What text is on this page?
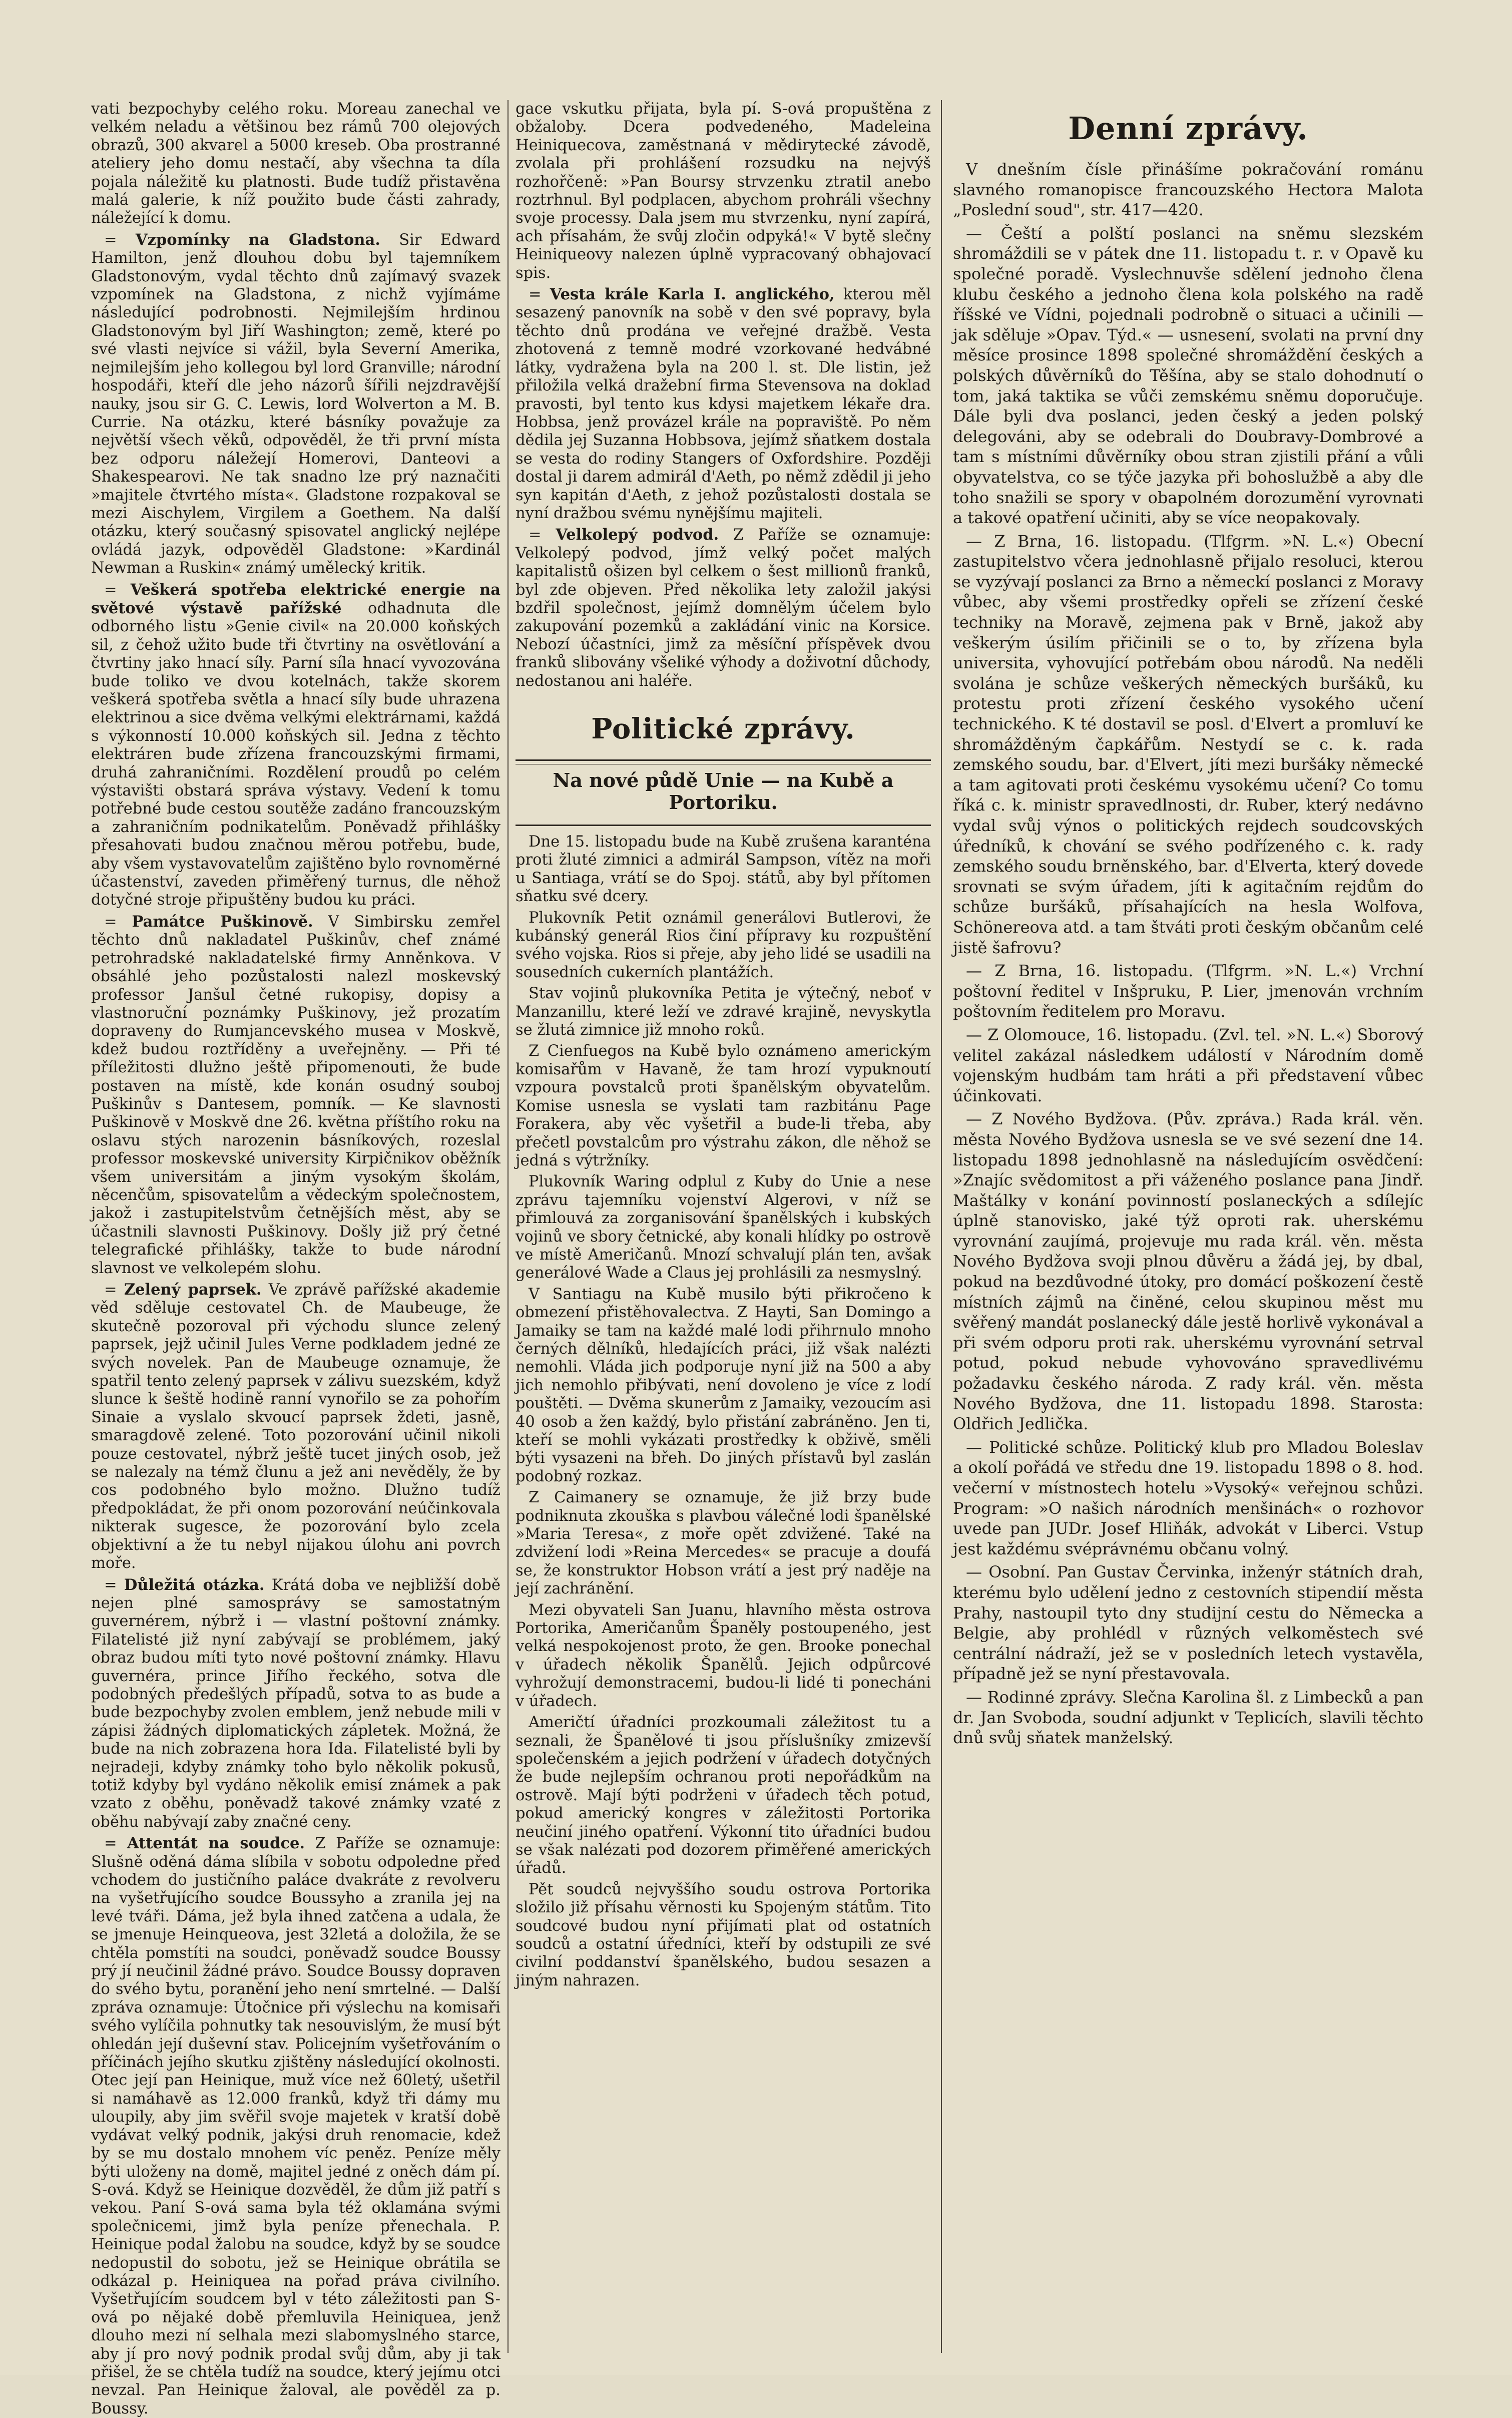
vati bezpochyby celého roku. Moreau zanechal ve velkém neladu a většinou bez rámů 700 olejových obrazů, 300 akvarel a 5000 kreseb. Oba prostranné ateliery jeho domu nestačí, aby všechna ta díla pojala náležitě ku platnosti. Bude tudíž přistavěna malá galerie, k níž použito bude části zahrady, náležející k domu.

= Vzpomínky na Gladstona. Sir Edward Hamilton, jenž dlouhou dobu byl tajemníkem Gladstonovým, vydal těchto dnů zajímavý svazek vzpomínek na Gladstona, z nichž vyjímáme následující podrobnosti. Nejmilejším hrdinou Gladstonovým byl Jiří Washington; země, které po své vlasti nejvíce si vážil, byla Severní Amerika, nejmilejším jeho kollegou byl lord Granville; národní hospodáři, kteří dle jeho názorů šířili nejzdravější nauky, jsou sir G. C. Lewis, lord Wolverton a M. B. Currie. Na otázku, které básníky považuje za největší všech věků, odpověděl, že tři první místa bez odporu náležejí Homerovi, Danteovi a Shakespearovi. Ne tak snadno lze prý naznačiti »majitele čtvrtého místa«. Gladstone rozpakoval se mezi Aischylem, Virgilem a Goethem. Na další otázku, který současný spisovatel anglický nejlépe ovládá jazyk, odpověděl Gladstone: »Kardinál Newman a Ruskin« známý umělecký kritik.

= Veškerá spotřeba elektrické energie na světové výstavě pařížské odhadnuta dle odborného listu »Genie civil« na 20.000 koňských sil, z čehož užito bude tři čtvrtiny na osvětlování a čtvrtiny jako hnací síly. Parní síla hnací vyvozována bude toliko ve dvou kotelnách, takže skorem veškerá spotřeba světla a hnací síly bude uhrazena elektrinou a sice dvěma velkými elektrárnami, každá s výkonností 10.000 koňských sil. Jedna z těchto elektráren bude zřízena francouzskými firmami, druhá zahraničními. Rozdělení proudů po celém výstavišti obstará správa výstavy. Vedení k tomu potřebné bude cestou soutěže zadáno francouzským a zahraničním podnikatelům. Poněvadž přihlášky přesahovati budou značnou měrou potřebu, bude, aby všem vystavovatelům zajištěno bylo rovnoměrné účastenství, zaveden přiměřený turnus, dle něhož dotyčné stroje připuštěny budou ku práci.

= Památce Puškinově. V Simbirsku zemřel těchto dnů nakladatel Puškinův, chef známé petrohradské nakladatelské firmy Anněnkova. V obsáhlé jeho pozůstalosti nalezl moskevský professor Janšul četné rukopisy, dopisy a vlastnoruční poznámky Puškinovy, jež prozatím dopraveny do Rumjancevského musea v Moskvě, kdež budou roztříděny a uveřejněny. — Při té příležitosti dlužno ještě připomenouti, že bude postaven na místě, kde konán osudný souboj Puškinův s Dantesem, pomník. — Ke slavnosti Puškinově v Moskvě dne 26. května příštího roku na oslavu stých narozenin básníkových, rozeslal professor moskevské university Kirpičnikov oběžník všem universitám a jiným vysokým školám, něcenčům, spisovatelům a vědeckým společnostem, jakož i zastupitelstvům četnějších měst, aby se účastnili slavnosti Puškinovy. Došly již prý četné telegrafické přihlášky, takže to bude národní slavnost ve velkolepém slohu.

= Zelený paprsek. Ve zprávě pařížské akademie věd sděluje cestovatel Ch. de Maubeuge, že skutečně pozoroval při východu slunce zelený paprsek, jejž učinil Jules Verne podkladem jedné ze svých novelek. Pan de Maubeuge oznamuje, že spatřil tento zelený paprsek v zálivu suezském, když slunce k šeště hodině ranní vynořilo se za pohořím Sinaie a vyslalo skvoucí paprsek ždeti, jasně, smaragdově zelené. Toto pozorování učinil nikoli pouze cestovatel, nýbrž ještě tucet jiných osob, jež se nalezaly na témž člunu a jež ani nevěděly, že by cos podobného bylo možno. Dlužno tudíž předpokládat, že při onom pozorování neúčinkovala nikterak sugesce, že pozorování bylo zcela objektivní a že tu nebyl nijakou úlohu ani povrch moře.

= Důležitá otázka. Krátá doba ve nejbližší době nejen plné samosprávy se samostatným guvernérem, nýbrž i — vlastní poštovní známky. Filatelisté již nyní zabývají se problémem, jaký obraz budou míti tyto nové poštovní známky. Hlavu guvernéra, prince Jiřího řeckého, sotva dle podobných předešlých případů, sotva to as bude a bude bezpochyby zvolen emblem, jenž nebude mili v zápisi žádných diplomatických zápletek. Možná, že bude na nich zobrazena hora Ida. Filatelisté byli by nejradeji, kdyby známky toho bylo několik pokusů, totiž kdyby byl vydáno několik emisí známek a pak vzato z oběhu, poněvadž takové známky vzaté z oběhu nabývají zaby značné ceny.

= Attentát na soudce. Z Paříže se oznamuje: Slušně oděná dáma slíbila v sobotu odpoledne před vchodem do justičního paláce dvakráte z revolveru na vyšetřujícího soudce Boussyho a zranila jej na levé tváři. Dáma, jež byla ihned zatčena a udala, že se jmenuje Heinqueova, jest 32letá a doložila, že se chtěla pomstíti na soudci, poněvadž soudce Boussy prý jí neučinil žádné právo. Soudce Boussy dopraven do svého bytu, poranění jeho není smrtelné. — Další zpráva oznamuje: Útočnice při výslechu na komisaři svého vylíčila pohnutky tak nesouvislým, že musí být ohledán její duševní stav. Policejním vyšetřováním o příčinách jejího skutku zjištěny následující okolnosti. Otec její pan Heinique, muž více než 60letý, ušetřil si namáhavě as 12.000 franků, když tři dámy mu uloupily, aby jim svěřil svoje majetek v kratší době vydávat velký podnik, jakýsi druh renomacie, kdež by se mu dostalo mnohem víc peněz. Peníze měly býti uloženy na domě, majitel jedné z oněch dám pí. S-ová. Když se Heinique dozvěděl, že dům již patří s vekou. Paní S-ová sama byla též oklamána svými společnicemi, jimž byla peníze přenechala. P. Heinique podal žalobu na soudce, když by se soudce nedopustil do sobotu, jež se Heinique obrátila se odkázal p. Heiniquea na pořad práva civilního. Vyšetřujícím soudcem byl v této záležitosti pan S-ová po nějaké době přemluvila Heiniquea, jenž dlouho mezi ní selhala mezi slabomyslného starce, aby jí pro nový podnik prodal svůj dům, aby ji tak přišel, že se chtěla tudíž na soudce, který jejímu otci nevzal. Pan Heinique žaloval, ale pověděl za p. Boussy.

gace vskutku přijata, byla pí. S-ová propuštěna z obžaloby. Dcera podvedeného, Madeleina Heiniquecova, zaměstnaná v mědirytecké závodě, zvolala při prohlášení rozsudku na nejvýš rozhořčeně: »Pan Boursy strvzenku ztratil anebo roztrhnul. Byl podplacen, abychom prohráli všechny svoje processy. Dala jsem mu stvrzenku, nyní zapírá, ach přísahám, že svůj zločin odpyká!« V bytě slečny Heiniqueovy nalezen úplně vypracovaný obhajovací spis.

= Vesta krále Karla I. anglického, kterou měl sesazený panovník na sobě v den své popravy, byla těchto dnů prodána ve veřejné dražbě. Vesta zhotovená z temně modré vzorkované hedvábné látky, vydražena byla na 200 l. st. Dle listin, jež přiložila velká dražební firma Stevensova na doklad pravosti, byl tento kus kdysi majetkem lékaře dra. Hobbsa, jenž provázel krále na popraviště. Po něm dědila jej Suzanna Hobbsova, jejímž sňatkem dostala se vesta do rodiny Stangers of Oxfordshire. Později dostal ji darem admirál d'Aeth, po němž zdědil ji jeho syn kapitán d'Aeth, z jehož pozůstalosti dostala se nyní dražbou svému nynějšímu majiteli.

= Velkolepý podvod. Z Paříže se oznamuje: Velkolepý podvod, jímž velký počet malých kapitalistů ošizen byl celkem o šest millionů franků, byl zde objeven. Před několika lety založil jakýsi bzdřil společnost, jejímž domnělým účelem bylo zakupování pozemků a zakládání vinic na Korsice. Nebozí účastníci, jimž za měsíční příspěvek dvou franků slibovány všeliké výhody a doživotní důchody, nedostanou ani haléře.

Politické zprávy.
Na nové půdě Unie — na Kubě a Portoriku.

Dne 15. listopadu bude na Kubě zrušena karanténa proti žluté zimnici a admirál Sampson, vítěz na moři u Santiaga, vrátí se do Spoj. států, aby byl přítomen sňatku své dcery.

Plukovník Petit oznámil generálovi Butlerovi, že kubánský generál Rios činí přípravy ku rozpuštění svého vojska. Rios si přeje, aby jeho lidé se usadili na sousedních cukerních plantážích.

Stav vojinů plukovníka Petita je výtečný, neboť v Manzanillu, které leží ve zdravé krajině, nevyskytla se žlutá zimnice již mnoho roků.

Z Cienfuegos na Kubě bylo oznámeno americkým komisařům v Havaně, že tam hrozí vypuknoutí vzpoura povstalců proti španělským obyvatelům. Komise usnesla se vyslati tam razbitánu Page Forakera, aby věc vyšetřil a bude-li třeba, aby přečetl povstalcům pro výstrahu zákon, dle něhož se jedná s výtržníky.

Plukovník Waring odplul z Kuby do Unie a nese zprávu tajemníku vojenství Algerovi, v níž se přimlouvá za zorganisování španělských i kubských vojinů ve sbory četnické, aby konali hlídky po ostrově ve místě Američanů. Mnozí schvalují plán ten, avšak generálové Wade a Claus jej prohlásili za nesmyslný.

V Santiagu na Kubě musilo býti přikročeno k obmezení přistěhovalectva. Z Hayti, San Domingo a Jamaiky se tam na každé malé lodi přihrnulo mnoho černých dělníků, hledajících práci, již však nalézti nemohli. Vláda jich podporuje nyní již na 500 a aby jich nemohlo přibývati, není dovoleno je více z lodí pouštěti. — Dvěma skunerům z Jamaiky, vezoucím asi 40 osob a žen každý, bylo přistání zabráněno. Jen ti, kteří se mohli vykázati prostředky k obživě, směli býti vysazeni na břeh. Do jiných přístavů byl zaslán podobný rozkaz.

Z Caimanery se oznamuje, že již brzy bude podniknuta zkouška s plavbou válečné lodi španělské »Maria Teresa«, z moře opět zdvižené. Také na zdvižení lodi »Reina Mercedes« se pracuje a doufá se, že konstruktor Hobson vrátí a jest prý naděje na její zachránění.

Mezi obyvateli San Juanu, hlavního města ostrova Portorika, Američanům Španěly postoupeného, jest velká nespokojenost proto, že gen. Brooke ponechal v úřadech několik Španělů. Jejich odpůrcové vyhrožují demonstracemi, budou-li lidé ti ponecháni v úřadech.

Američtí úřadníci prozkoumali záležitost tu a seznali, že Španělové ti jsou příslušníky zmizevší společenském a jejich podržení v úřadech dotyčných že bude nejlepším ochranou proti nepořádkům na ostrově. Mají býti podrženi v úřadech těch potud, pokud americký kongres v záležitosti Portorika neučiní jiného opatření. Výkonní tito úřadníci budou se však nalézati pod dozorem přiměřené amerických úřadů.

Pět soudců nejvyššího soudu ostrova Portorika složilo již přísahu věrnosti ku Spojeným státům. Tito soudcové budou nyní přijímati plat od ostatních soudců a ostatní úředníci, kteří by odstupili ze své civilní poddanství španělského, budou sesazen a jiným nahrazen.

Denní zprávy.

V dnešním čísle přinášíme pokračování románu slavného romanopisce francouzského Hectora Malota „Poslední soud", str. 417—420.

— Čeští a polští poslanci na sněmu slezském shromáždili se v pátek dne 11. listopadu t. r. v Opavě ku společné poradě. Vyslechnuvše sdělení jednoho člena klubu českého a jednoho člena kola polského na radě říšské ve Vídni, pojednali podrobně o situaci a učinili — jak sděluje »Opav. Týd.« — usnesení, svolati na první dny měsíce prosince 1898 společné shromáždění českých a polských důvěrníků do Těšína, aby se stalo dohodnutí o tom, jaká taktika se vůči zemskému sněmu doporučuje. Dále byli dva poslanci, jeden český a jeden polský delegováni, aby se odebrali do Doubravy-Dombrové a tam s místními důvěrníky obou stran zjistili přání a vůli obyvatelstva, co se týče jazyka při bohoslužbě a aby dle toho snažili se spory v obapolném dorozumění vyrovnati a takové opatření učiniti, aby se více neopakovaly.

— Z Brna, 16. listopadu. (Tlfgrm. »N. L.«) Obecní zastupitelstvo včera jednohlasně přijalo resoluci, kterou se vyzývají poslanci za Brno a německí poslanci z Moravy vůbec, aby všemi prostředky opřeli se zřízení české techniky na Moravě, zejmena pak v Brně, jakož aby veškerým úsilím přičinili se o to, by zřízena byla universita, vyhovující potřebám obou národů. Na neděli svolána je schůze veškerých německých buršáků, ku protestu proti zřízení českého vysokého učení technického. K té dostavil se posl. d'Elvert a promluví ke shromážděným čapkářům. Nestydí se c. k. rada zemského soudu, bar. d'Elvert, jíti mezi buršáky německé a tam agitovati proti českému vysokému učení? Co tomu říká c. k. ministr spravedlnosti, dr. Ruber, který nedávno vydal svůj výnos o politických rejdech soudcovských úředníků, k chování se svého podřízeného c. k. rady zemského soudu brněnského, bar. d'Elverta, který dovede srovnati se svým úřadem, jíti k agitačním rejdům do schůze buršáků, přísahajících na hesla Wolfova, Schönereova atd. a tam štváti proti českým občanům celé jistě šafrovu?

— Z Brna, 16. listopadu. (Tlfgrm. »N. L.«) Vrchní poštovní ředitel v Inšpruku, P. Lier, jmenován vrchním poštovním ředitelem pro Moravu.

— Z Olomouce, 16. listopadu. (Zvl. tel. »N. L.«) Sborový velitel zakázal následkem událostí v Národním domě vojenským hudbám tam hráti a při představení vůbec účinkovati.

— Z Nového Bydžova. (Pův. zpráva.) Rada král. věn. města Nového Bydžova usnesla se ve své sezení dne 14. listopadu 1898 jednohlasně na následujícím osvědčení: »Znajíc svědomitost a při váženého poslance pana Jindř. Maštálky v konání povinností poslaneckých a sdílejíc úplně stanovisko, jaké týž oproti rak. uherskému vyrovnání zaujímá, projevuje mu rada král. věn. města Nového Bydžova svoji plnou důvěru a žádá jej, by dbal, pokud na bezdůvodné útoky, pro domácí poškození čestě místních zájmů na činěné, celou skupinou měst mu svěřený mandát poslanecký dále jestě horlivě vykonával a při svém odporu proti rak. uherskému vyrovnání setrval potud, pokud nebude vyhovováno spravedlivému požadavku českého národa. Z rady král. věn. města Nového Bydžova, dne 11. listopadu 1898. Starosta: Oldřich Jedlička.

— Politické schůze. Politický klub pro Mladou Boleslav a okolí pořádá ve středu dne 19. listopadu 1898 o 8. hod. večerní v místnostech hotelu »Vysoký« veřejnou schůzi. Program: »O našich národních menšinách« o rozhovor uvede pan JUDr. Josef Hliňák, advokát v Liberci. Vstup jest každému svéprávnému občanu volný.

— Osobní. Pan Gustav Červinka, inženýr státních drah, kterému bylo udělení jedno z cestovních stipendií města Prahy, nastoupil tyto dny studijní cestu do Německa a Belgie, aby prohlédl v různých velkoměstech své centrální nádraží, jež se v posledních letech vystavěla, případně jež se nyní přestavovala.

— Rodinné zprávy. Slečna Karolina šl. z Limbecků a pan dr. Jan Svoboda, soudní adjunkt v Teplicích, slavili těchto dnů svůj sňatek manželský.
